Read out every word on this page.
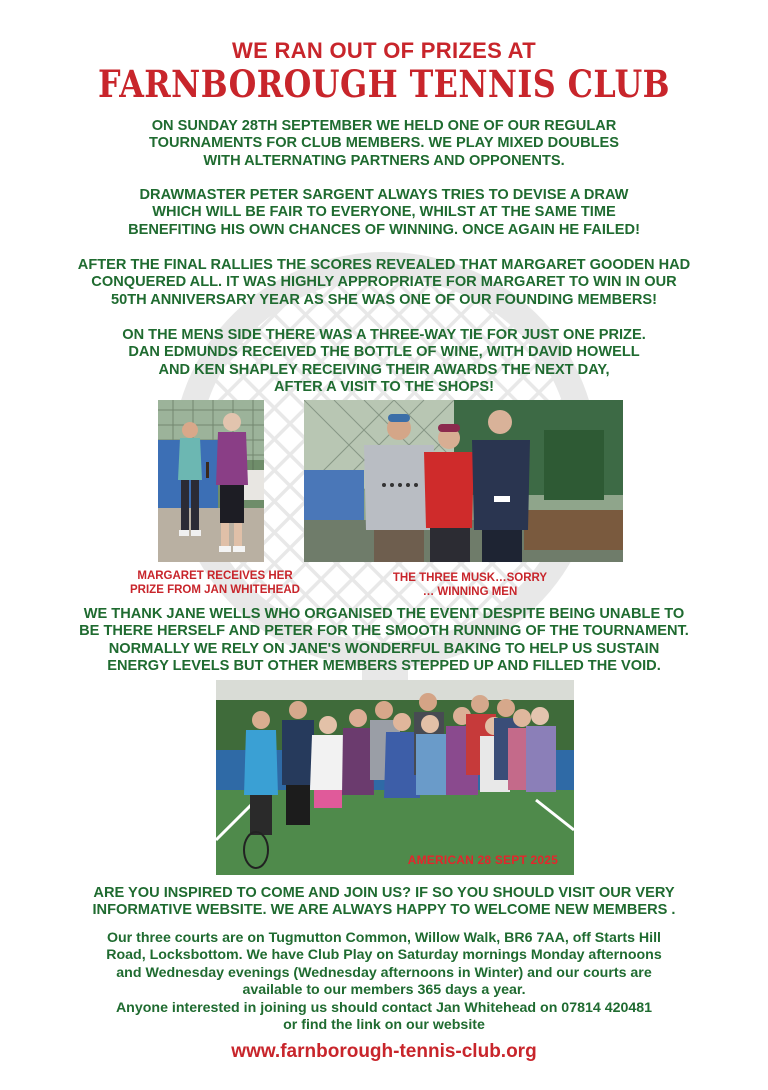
WE RAN OUT OF PRIZES AT
FARNBOROUGH TENNIS CLUB
ON SUNDAY 28TH SEPTEMBER WE HELD ONE OF OUR REGULAR
TOURNAMENTS FOR CLUB MEMBERS. WE PLAY MIXED DOUBLES
WITH ALTERNATING PARTNERS AND OPPONENTS.
DRAWMASTER PETER SARGENT ALWAYS TRIES TO DEVISE A DRAW
WHICH WILL BE FAIR TO EVERYONE, WHILST AT THE SAME TIME
BENEFITING HIS OWN CHANCES OF WINNING. ONCE AGAIN HE FAILED!
AFTER THE FINAL RALLIES THE SCORES REVEALED THAT MARGARET GOODEN HAD
CONQUERED ALL. IT WAS HIGHLY APPROPRIATE FOR MARGARET TO WIN IN OUR
50TH ANNIVERSARY YEAR AS SHE WAS ONE OF OUR FOUNDING MEMBERS!
ON THE MENS SIDE THERE WAS A THREE-WAY TIE FOR JUST ONE PRIZE.
DAN EDMUNDS RECEIVED THE BOTTLE OF WINE, WITH DAVID HOWELL
AND KEN SHAPLEY RECEIVING THEIR AWARDS THE NEXT DAY,
AFTER A VISIT TO THE SHOPS!
MARGARET RECEIVES HER
PRIZE FROM JAN WHITEHEAD
THE THREE MUSK…SORRY
… WINNING MEN
WE THANK JANE WELLS WHO ORGANISED THE EVENT DESPITE BEING UNABLE TO
BE THERE HERSELF AND PETER FOR THE SMOOTH RUNNING OF THE TOURNAMENT.
NORMALLY WE RELY ON JANE'S WONDERFUL BAKING TO HELP US SUSTAIN
ENERGY LEVELS BUT OTHER MEMBERS STEPPED UP AND FILLED THE VOID.
AMERICAN 28 SEPT 2025
ARE YOU INSPIRED TO COME AND JOIN US? IF SO YOU SHOULD VISIT OUR VERY
INFORMATIVE WEBSITE. WE ARE ALWAYS HAPPY TO WELCOME NEW MEMBERS .
Our three courts are on Tugmutton Common, Willow Walk, BR6 7AA, off Starts Hill
Road, Locksbottom. We have Club Play on Saturday mornings Monday afternoons
and Wednesday evenings (Wednesday afternoons in Winter) and our courts are
available to our members 365 days a year.
Anyone interested in joining us should contact Jan Whitehead on 07814 420481
or find the link on our website
www.farnborough-tennis-club.org
